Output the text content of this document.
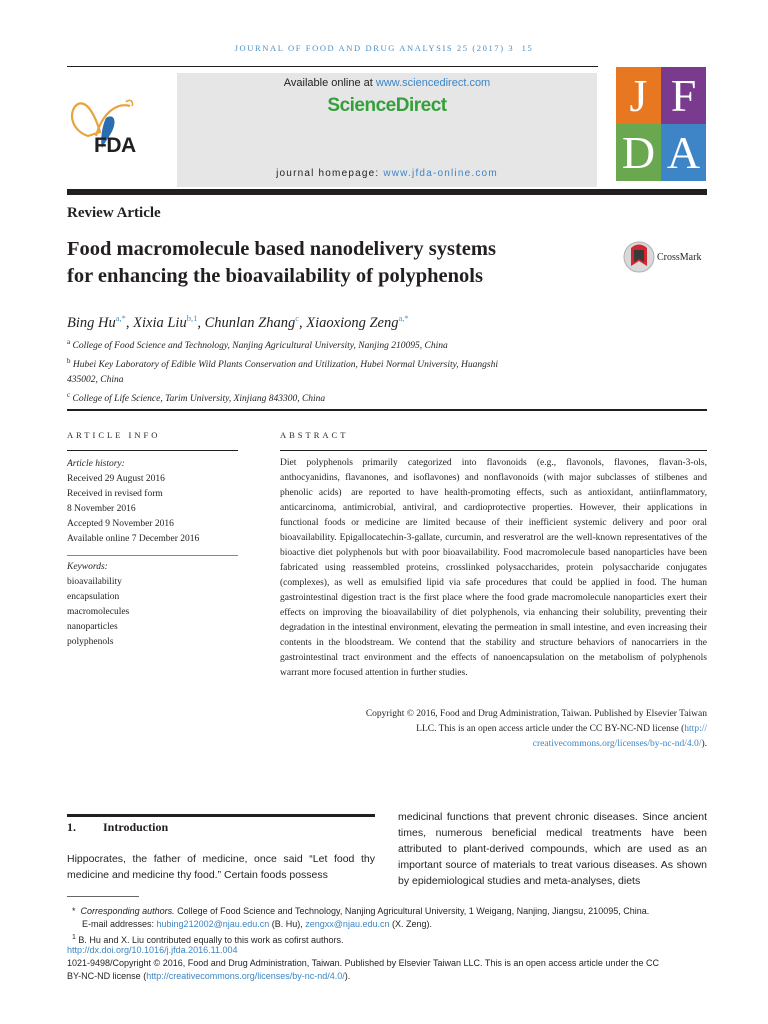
JOURNAL OF FOOD AND DRUG ANALYSIS 25 (2017) 3  15
FDA
Available online at www.sciencedirect.com
ScienceDirect
journal homepage: www.jfda-online.com
J F
D A
Review Article
Food macromolecule based nanodelivery systems
for enhancing the bioavailability of polyphenols
CrossMark
Bing $Hu^{a,*}$, Xixia Liu$^{b,1}$, Chunlan Zhang$^c$, Xiaoxiong Zeng$^{a,*}$
$^a$ College of Food Science and Technology, Nanjing Agricultural University, Nanjing 210095, China
$^b$ Hubei Key Laboratory of Edible Wild Plants Conservation and Utilization, Hubei Normal University, Huangshi
435002, China
$^c$ College of Life Science, Tarim University, Xinjiang 843300, China
ARTICLE INFO
Article history:
Received 29 August 2016
Received in revised form
8 November 2016
Accepted 9 November 2016
Available online 7 December 2016
Keywords:
bioavailability
encapsulation
macromolecules
nanoparticles
polyphenols
ABSTRACT
Diet polyphenols primarily categorized into flavonoids (e.g., flavonols, flavones, flavan-3-ols, anthocyanidins, flavanones, and isoflavones) and nonflavonoids (with major subclasses of stilbenes and phenolic acids) are reported to have health-promoting effects, such as antioxidant, antiinflammatory, anticarcinoma, antimicrobial, antiviral, and cardioprotective properties. However, their applications in functional foods or medicine are limited because of their inefficient systemic delivery and poor oral bioavailability. Epigallocatechin-3-gallate, curcumin, and resveratrol are the well-known representatives of the bioactive diet polyphenols but with poor bioavailability. Food macromolecule based nanoparticles have been fabricated using reassembled proteins, crosslinked polysaccharides, protein polysaccharide conjugates (complexes), as well as emulsified lipid via safe procedures that could be applied in food. The human gastrointestinal digestion tract is the first place where the food grade macromolecule nanoparticles exert their effects on improving the bioavailability of diet polyphenols, via enhancing their solubility, preventing their degradation in the intestinal environment, elevating the permeation in small intestine, and even increasing their contents in the bloodstream. We contend that the stability and structure behaviors of nanocarriers in the gastrointestinal tract environment and the effects of nanoencapsulation on the metabolism of polyphenols warrant more focused attention in further studies.
Copyright © 2016, Food and Drug Administration, Taiwan. Published by Elsevier Taiwan
LLC. This is an open access article under the CC BY-NC-ND license (http://
creativecommons.org/licenses/by-nc-nd/4.0/).
1. Introduction
Hippocrates, the father of medicine, once said “Let food thy medicine and medicine thy food.” Certain foods possess
medicinal functions that prevent chronic diseases. Since ancient times, numerous beneficial medical treatments have been attributed to plant-derived compounds, which are used as an important source of materials to treat various diseases. As shown by epidemiological studies and meta-analyses, diets
* Corresponding authors. College of Food Science and Technology, Nanjing Agricultural University, 1 Weigang, Nanjing, Jiangsu, 210095, China.
E-mail addresses: hubing212002@njau.edu.cn (B. Hu), zengxx@njau.edu.cn (X. Zeng).
$^1$ B. Hu and X. Liu contributed equally to this work as cofirst authors.
http://dx.doi.org/10.1016/j.jfda.2016.11.004
1021-9498/Copyright © 2016, Food and Drug Administration, Taiwan. Published by Elsevier Taiwan LLC. This is an open access article under the CC
BY-NC-ND license (http://creativecommons.org/licenses/by-nc-nd/4.0/).
